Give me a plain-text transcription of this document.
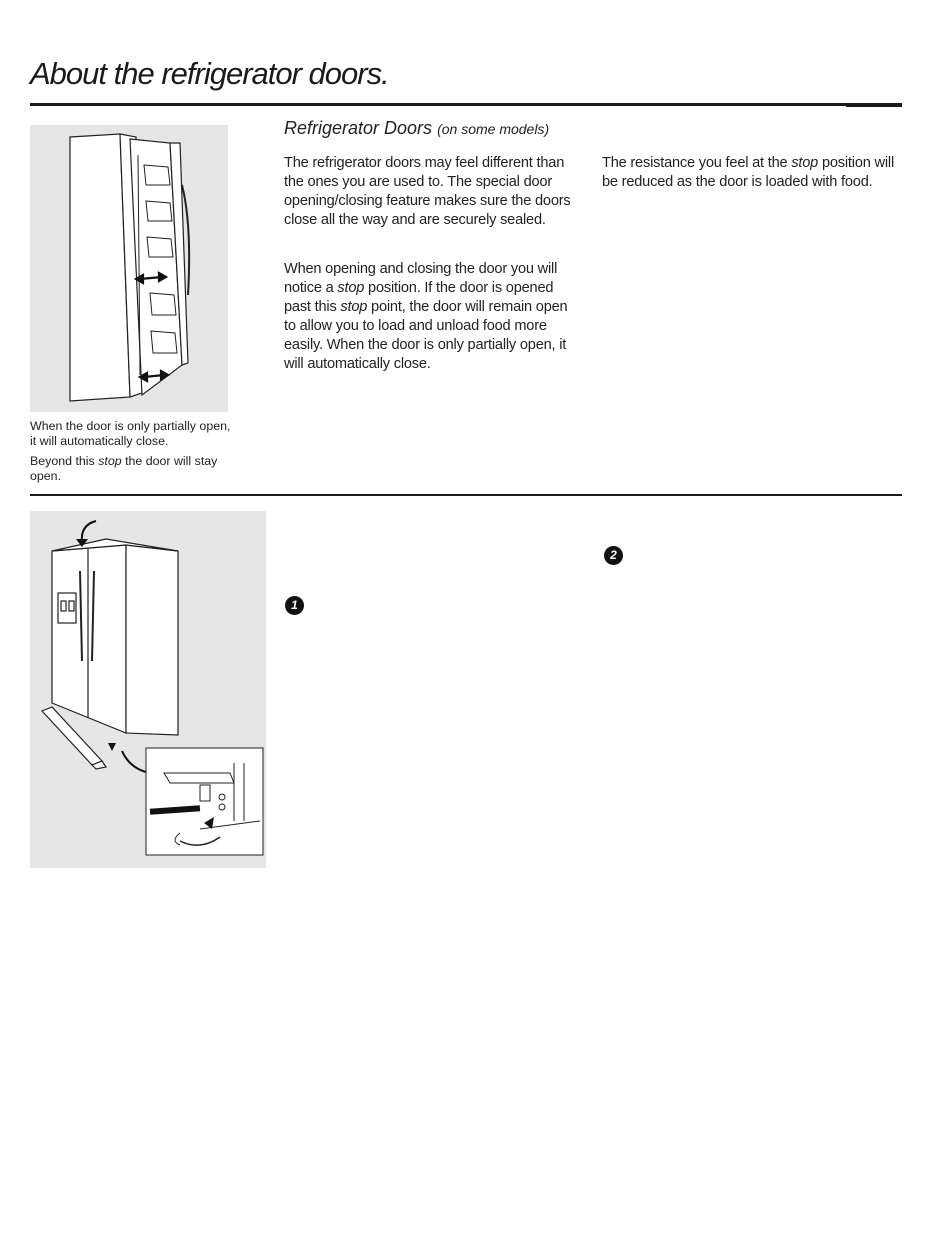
About the refrigerator doors.

When the door is only partially open, it will automatically close.

Beyond this stop the door will stay open.

Refrigerator Doors (on some models)

The refrigerator doors may feel different than the ones you are used to. The special door opening/closing feature makes sure the doors close all the way and are securely sealed.

When opening and closing the door you will notice a stop position. If the door is opened past this stop point, the door will remain open to allow you to load and unload food more easily. When the door is only partially open, it will automatically close.

The resistance you feel at the stop position will be reduced as the door is loaded with food.

1
2
